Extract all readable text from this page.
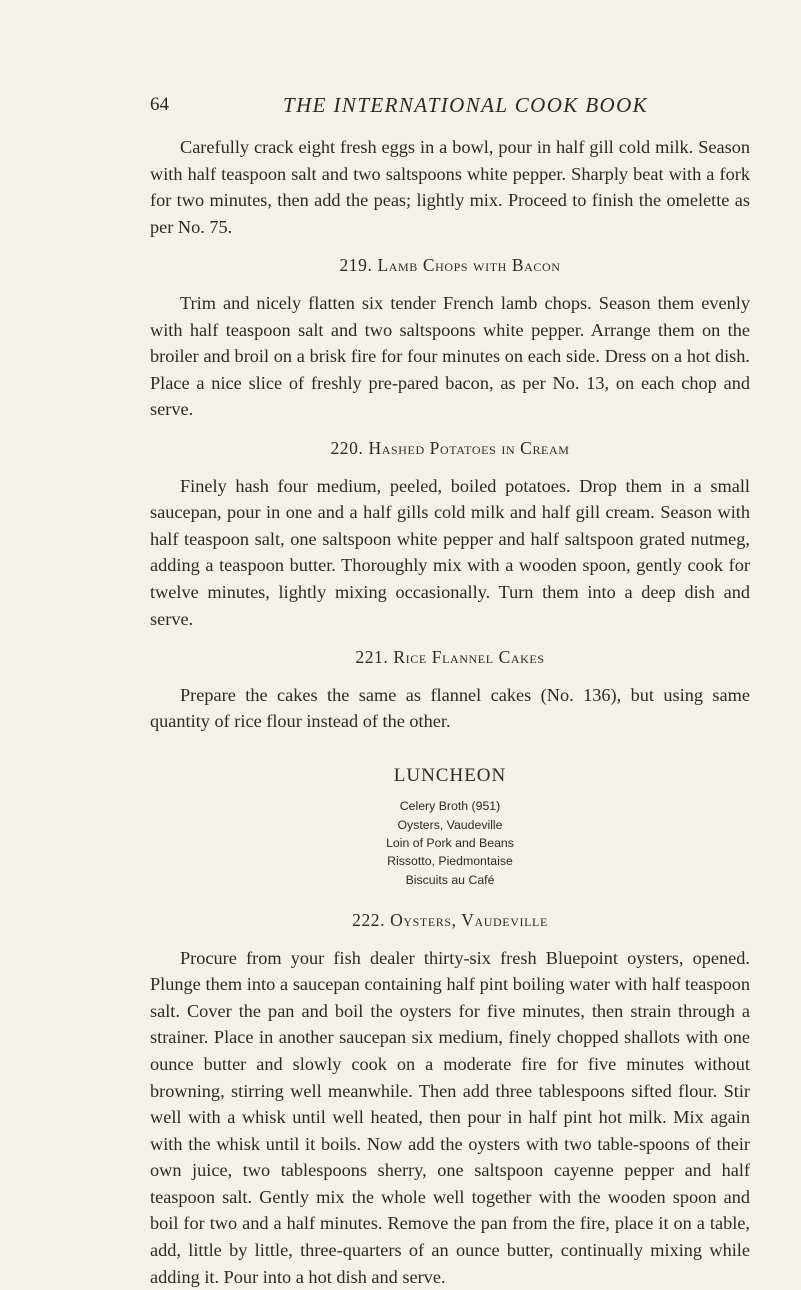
64	THE INTERNATIONAL COOK BOOK

Carefully crack eight fresh eggs in a bowl, pour in half gill cold milk. Season with half teaspoon salt and two saltspoons white pepper. Sharply beat with a fork for two minutes, then add the peas; lightly mix. Proceed to finish the omelette as per No. 75.

219. Lamb Chops with Bacon

Trim and nicely flatten six tender French lamb chops. Season them evenly with half teaspoon salt and two saltspoons white pepper. Arrange them on the broiler and broil on a brisk fire for four minutes on each side. Dress on a hot dish. Place a nice slice of freshly pre-pared bacon, as per No. 13, on each chop and serve.

220. Hashed Potatoes in Cream

Finely hash four medium, peeled, boiled potatoes. Drop them in a small saucepan, pour in one and a half gills cold milk and half gill cream. Season with half teaspoon salt, one saltspoon white pepper and half saltspoon grated nutmeg, adding a teaspoon butter. Thoroughly mix with a wooden spoon, gently cook for twelve minutes, lightly mixing occasionally. Turn them into a deep dish and serve.

221. Rice Flannel Cakes

Prepare the cakes the same as flannel cakes (No. 136), but using same quantity of rice flour instead of the other.

LUNCHEON
Celery Broth (951)
Oysters, Vaudeville
Loin of Pork and Beans
Rissotto, Piedmontaise
Biscuits au Café
222. Oysters, Vaudeville

Procure from your fish dealer thirty-six fresh Bluepoint oysters, opened. Plunge them into a saucepan containing half pint boiling water with half teaspoon salt. Cover the pan and boil the oysters for five minutes, then strain through a strainer. Place in another saucepan six medium, finely chopped shallots with one ounce butter and slowly cook on a moderate fire for five minutes without browning, stirring well meanwhile. Then add three tablespoons sifted flour. Stir well with a whisk until well heated, then pour in half pint hot milk. Mix again with the whisk until it boils. Now add the oysters with two table-spoons of their own juice, two tablespoons sherry, one saltspoon cayenne pepper and half teaspoon salt. Gently mix the whole well together with the wooden spoon and boil for two and a half minutes. Remove the pan from the fire, place it on a table, add, little by little, three-quarters of an ounce butter, continually mixing while adding it. Pour into a hot dish and serve.
